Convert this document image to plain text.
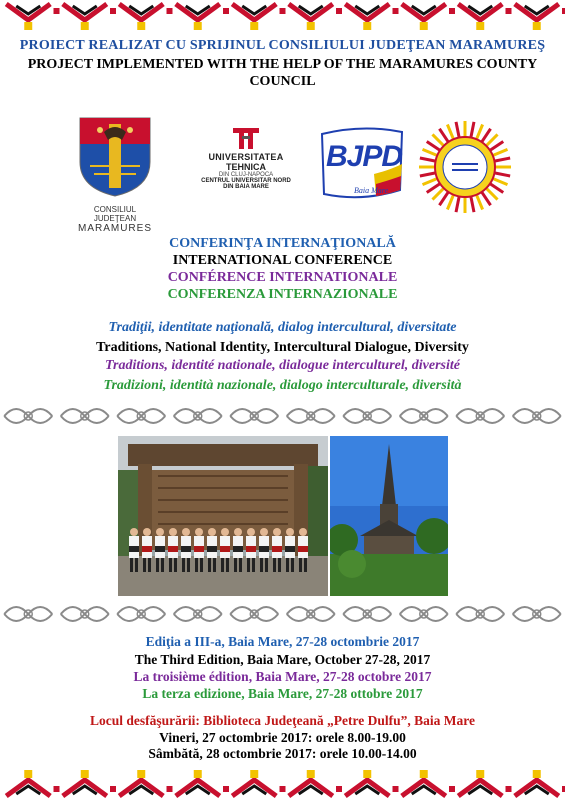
PROIECT REALIZAT CU SPRIJINUL CONSILIULUI JUDEŢEAN MARAMUREŞ
PROJECT IMPLEMENTED WITH THE HELP OF THE MARAMURES COUNTY COUNCIL
CONSILIUL JUDEŢEAN
MARAMURES
UNIVERSITATEA
TEHNICA
DIN CLUJ-NAPOCA
CENTRUL UNIVERSITAR NORD
DIN BAIA MARE
BJPD
Baia Mare
CONFERINŢA INTERNAŢIONALĂ
INTERNATIONAL CONFERENCE
CONFÉRENCE INTERNATIONALE
CONFERENZA INTERNAZIONALE
Tradiţii, identitate naţională, dialog intercultural, diversitate
Traditions, National Identity, Intercultural Dialogue, Diversity
Traditions, identité nationale, dialogue interculturel, diversité
Tradizioni, identità nazionale, dialogo interculturale, diversità
Ediţia a III-a, Baia Mare, 27-28 octombrie 2017
The Third Edition, Baia Mare, October 27-28, 2017
La troisième édition, Baia Mare, 27-28 octobre 2017
La terza edizione, Baia Mare, 27-28 ottobre 2017
Locul desfăşurării: Biblioteca Judeţeană „Petre Dulfu”, Baia Mare
Vineri, 27 octombrie 2017: orele 8.00-19.00
Sâmbătă, 28 octombrie 2017: orele 10.00-14.00
